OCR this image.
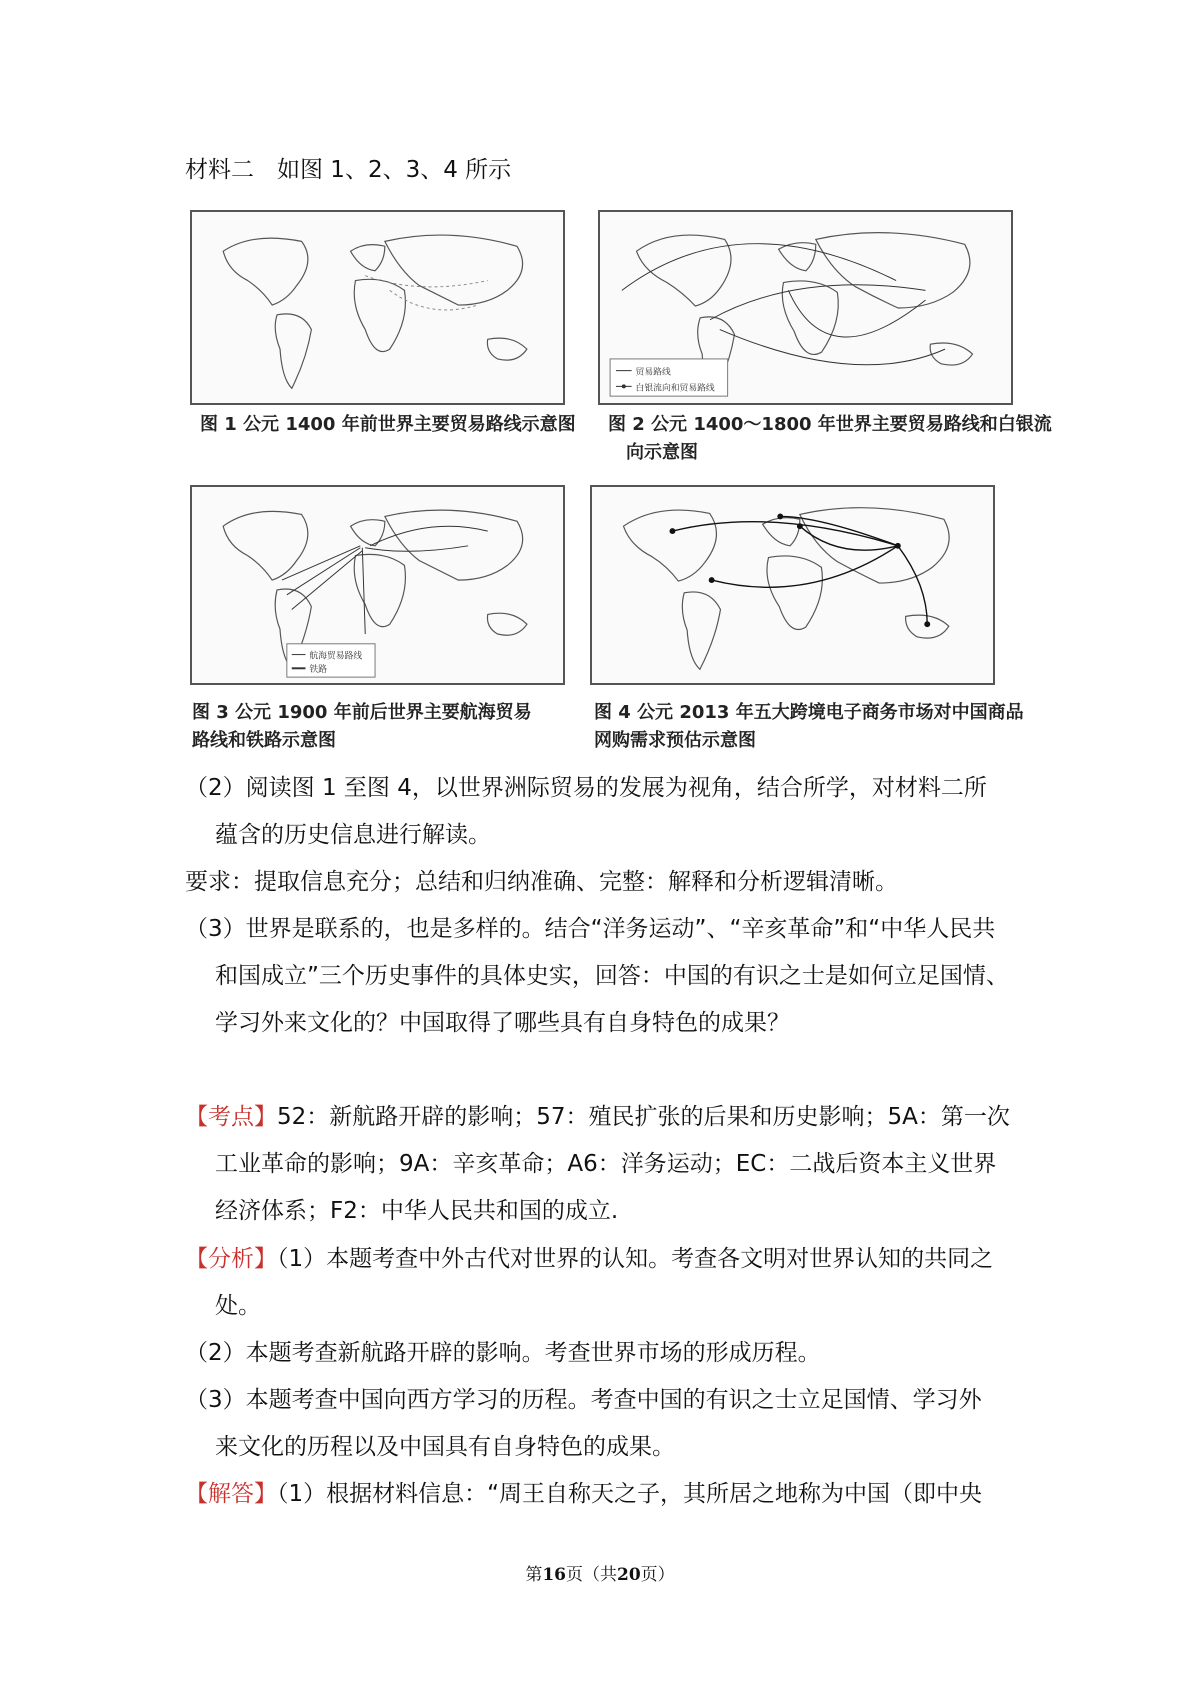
材料二　如图 1、2、3、4 所示
图 1 公元 1400 年前世界主要贸易路线示意图
贸易路线
白银流向和贸易路线
图 2 公元 1400～1800 年世界主要贸易路线和白银流
向示意图
航海贸易路线
铁路
图 3 公元 1900 年前后世界主要航海贸易
路线和铁路示意图
图 4 公元 2013 年五大跨境电子商务市场对中国商品
网购需求预估示意图
（2）阅读图 1 至图 4，以世界洲际贸易的发展为视角，结合所学，对材料二所
蕴含的历史信息进行解读。
要求：提取信息充分；总结和归纳准确、完整：解释和分析逻辑清晰。
（3）世界是联系的，也是多样的。结合“洋务运动”、“辛亥革命”和“中华人民共
和国成立”三个历史事件的具体史实，回答：中国的有识之士是如何立足国情、
学习外来文化的？中国取得了哪些具有自身特色的成果？
【考点】52：新航路开辟的影响；57：殖民扩张的后果和历史影响；5A：第一次
工业革命的影响；9A：辛亥革命；A6：洋务运动；EC：二战后资本主义世界
经济体系；F2：中华人民共和国的成立.
【分析】（1）本题考查中外古代对世界的认知。考查各文明对世界认知的共同之
处。
（2）本题考查新航路开辟的影响。考查世界市场的形成历程。
（3）本题考查中国向西方学习的历程。考查中国的有识之士立足国情、学习外
来文化的历程以及中国具有自身特色的成果。
【解答】（1）根据材料信息：“周王自称天之子，其所居之地称为中国（即中央
第16页（共20页）
